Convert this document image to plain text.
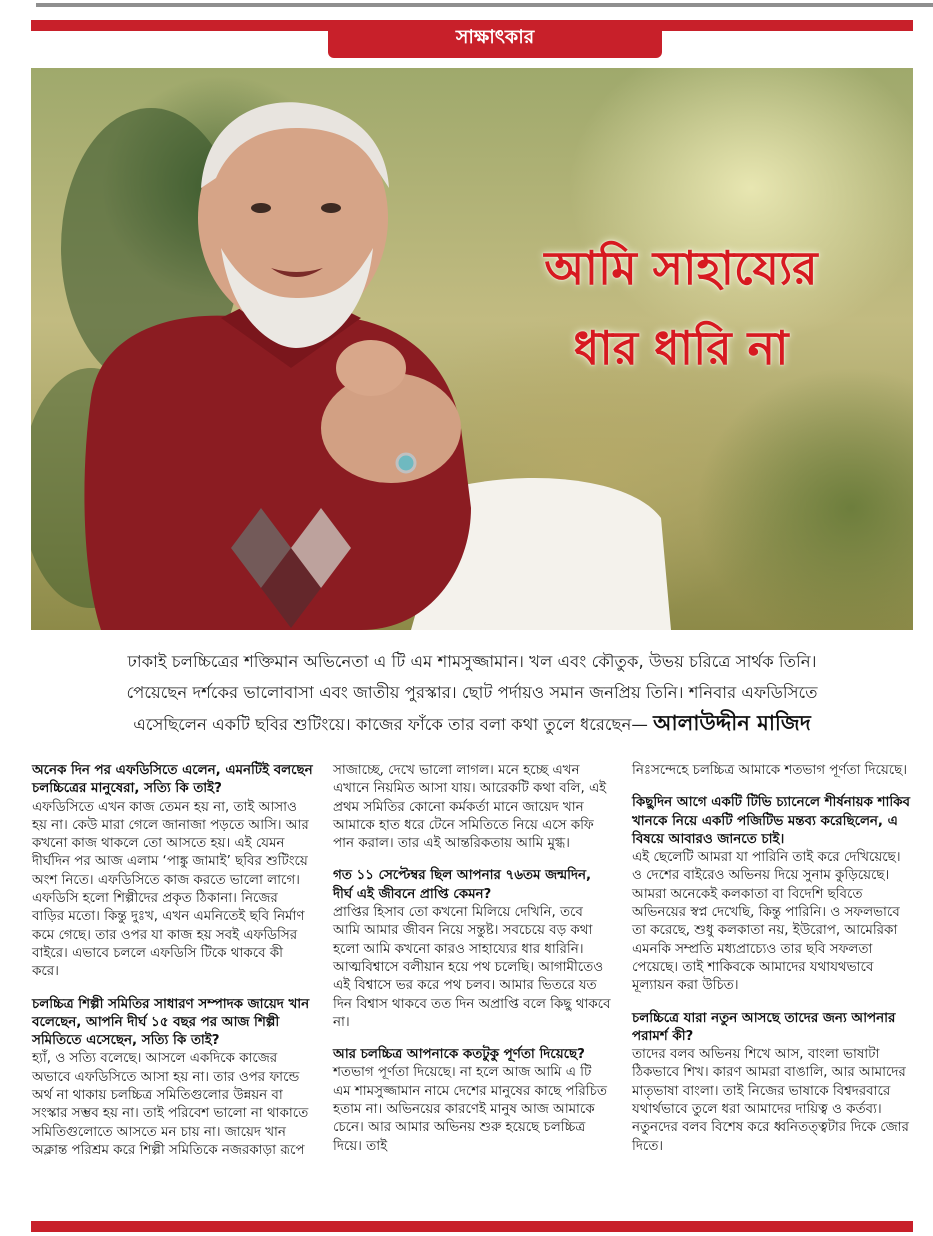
সাক্ষাৎকার
আমি সাহায্যের
ধার ধারি না
ঢাকাই চলচ্চিত্রের শক্তিমান অভিনেতা এ টি এম শামসুজ্জামান। খল এবং কৌতুক, উভয় চরিত্রে সার্থক তিনি।
পেয়েছেন দর্শকের ভালোবাসা এবং জাতীয় পুরস্কার। ছোট পর্দায়ও সমান জনপ্রিয় তিনি। শনিবার এফডিসিতে
এসেছিলেন একটি ছবির শুটিংয়ে। কাজের ফাঁকে তার বলা কথা তুলে ধরেছেন— আলাউদ্দীন মাজিদ
অনেক দিন পর এফডিসিতে এলেন, এমনটিই বলছেন চলচ্চিত্রের মানুষেরা, সত্যি কি তাই?
এফডিসিতে এখন কাজ তেমন হয় না, তাই আসাও হয় না। কেউ মারা গেলে জানাজা পড়তে আসি। আর কখনো কাজ থাকলে তো আসতে হয়। এই যেমন দীর্ঘদিন পর আজ এলাম ‘পাঙ্কু জামাই’ ছবির শুটিংয়ে অংশ নিতে। এফডিসিতে কাজ করতে ভালো লাগে। এফডিসি হলো শিল্পীদের প্রকৃত ঠিকানা। নিজের বাড়ির মতো। কিন্তু দুঃখ, এখন এমনিতেই ছবি নির্মাণ কমে গেছে। তার ওপর যা কাজ হয় সবই এফডিসির বাইরে। এভাবে চললে এফডিসি টিকে থাকবে কী করে।
চলচ্চিত্র শিল্পী সমিতির সাধারণ সম্পাদক জায়েদ খান বলেছেন, আপনি দীর্ঘ ১৫ বছর পর আজ শিল্পী সমিতিতে এসেছেন, সত্যি কি তাই?
হ্যাঁ, ও সত্যি বলেছে। আসলে একদিকে কাজের অভাবে এফডিসিতে আসা হয় না। তার ওপর ফান্ডে অর্থ না থাকায় চলচ্চিত্র সমিতিগুলোর উন্নয়ন বা সংস্কার সম্ভব হয় না। তাই পরিবেশ ভালো না থাকাতে সমিতিগুলোতে আসতে মন চায় না। জায়েদ খান অক্লান্ত পরিশ্রম করে শিল্পী সমিতিকে নজরকাড়া রূপে
সাজাচ্ছে, দেখে ভালো লাগল। মনে হচ্ছে এখন এখানে নিয়মিত আসা যায়। আরেকটি কথা বলি, এই প্রথম সমিতির কোনো কর্মকর্তা মানে জায়েদ খান আমাকে হাত ধরে টেনে সমিতিতে নিয়ে এসে কফি পান করাল। তার এই আন্তরিকতায় আমি মুগ্ধ।
গত ১১ সেপ্টেম্বর ছিল আপনার ৭৬তম জন্মদিন, দীর্ঘ এই জীবনে প্রাপ্তি কেমন?
প্রাপ্তির হিসাব তো কখনো মিলিয়ে দেখিনি, তবে আমি আমার জীবন নিয়ে সন্তুষ্ট। সবচেয়ে বড় কথা হলো আমি কখনো কারও সাহায্যের ধার ধারিনি। আত্মবিশ্বাসে বলীয়ান হয়ে পথ চলেছি। আগামীতেও এই বিশ্বাসে ভর করে পথ চলব। আমার ভিতরে যত দিন বিশ্বাস থাকবে তত দিন অপ্রাপ্তি বলে কিছু থাকবে না।
আর চলচ্চিত্র আপনাকে কতটুকু পূর্ণতা দিয়েছে?
শতভাগ পূর্ণতা দিয়েছে। না হলে আজ আমি এ টি এম শামসুজ্জামান নামে দেশের মানুষের কাছে পরিচিত হতাম না। অভিনয়ের কারণেই মানুষ আজ আমাকে চেনে। আর আমার অভিনয় শুরু হয়েছে চলচ্চিত্র দিয়ে। তাই
নিঃসন্দেহে চলচ্চিত্র আমাকে শতভাগ পূর্ণতা দিয়েছে।
কিছুদিন আগে একটি টিভি চ্যানেলে শীর্ষনায়ক শাকিব খানকে নিয়ে একটি পজিটিভ মন্তব্য করেছিলেন, এ বিষয়ে আবারও জানতে চাই।
এই ছেলেটি আমরা যা পারিনি তাই করে দেখিয়েছে। ও দেশের বাইরেও অভিনয় দিয়ে সুনাম কুড়িয়েছে। আমরা অনেকেই কলকাতা বা বিদেশি ছবিতে অভিনয়ের স্বপ্ন দেখেছি, কিন্তু পারিনি। ও সফলভাবে তা করেছে, শুধু কলকাতা নয়, ইউরোপ, আমেরিকা এমনকি সম্প্রতি মধ্যপ্রাচ্যেও তার ছবি সফলতা পেয়েছে। তাই শাকিবকে আমাদের যথাযথভাবে মূল্যায়ন করা উচিত।
চলচ্চিত্রে যারা নতুন আসছে তাদের জন্য আপনার পরামর্শ কী?
তাদের বলব অভিনয় শিখে আস, বাংলা ভাষাটা ঠিকভাবে শিখ। কারণ আমরা বাঙালি, আর আমাদের মাতৃভাষা বাংলা। তাই নিজের ভাষাকে বিশ্বদরবারে যথার্থভাবে তুলে ধরা আমাদের দায়িত্ব ও কর্তব্য। নতুনদের বলব বিশেষ করে ধ্বনিতত্ত্বটার দিকে জোর দিতে।
